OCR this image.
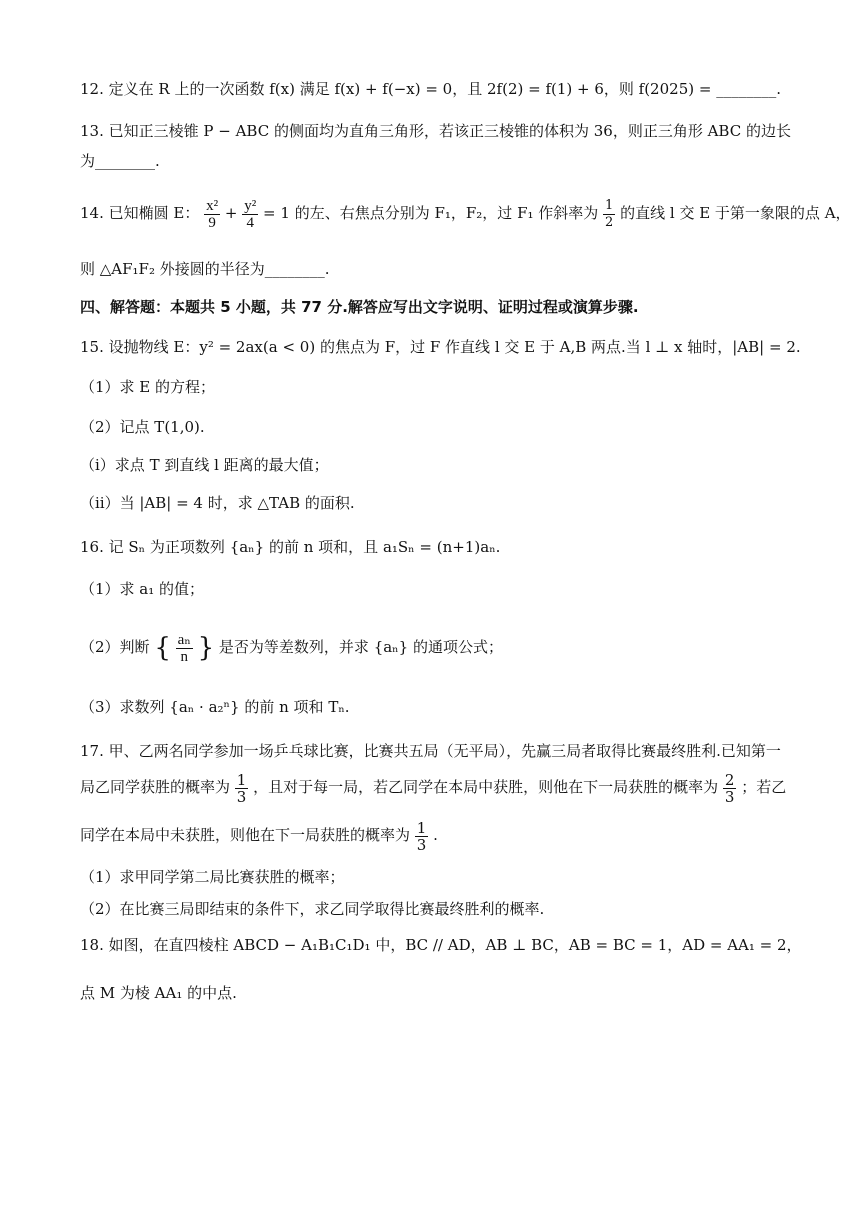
12. 定义在 R 上的一次函数 f(x) 满足 f(x) + f(−x) = 0，且 2f(2) = f(1) + 6，则 f(2025) = ________.
13. 已知正三棱锥 P − ABC 的侧面均为直角三角形，若该正三棱锥的体积为 36，则正三角形 ABC 的边长
为________.
14. 已知椭圆 E： $\frac{\text{x²}}{9} + \frac{\text{y²}}{4} = 1$ 的左、右焦点分别为 F₁，F₂，过 F₁ 作斜率为 $\frac{1}{2}$ 的直线 l 交 E 于第一象限的点 A，
则 △AF₁F₂ 外接圆的半径为________.
四、解答题：本题共 5 小题，共 77 分.解答应写出文字说明、证明过程或演算步骤.
15. 设抛物线 E：y² = 2ax(a < 0) 的焦点为 F，过 F 作直线 l 交 E 于 A,B 两点.当 l ⊥ x 轴时，|AB| = 2.
（1）求 E 的方程；
（2）记点 T(1,0).
（ⅰ）求点 T 到直线 l 距离的最大值；
（ⅱ）当 |AB| = 4 时，求 △TAB 的面积.
16. 记 Sₙ 为正项数列 {aₙ} 的前 n 项和，且 a₁Sₙ = (n+1)aₙ.
（1）求 a₁ 的值；
（2）判断 { $\frac{\text{aₙ}}{n}$ } 是否为等差数列，并求 {aₙ} 的通项公式；
（3）求数列 {aₙ · a₂ⁿ} 的前 n 项和 Tₙ.
17. 甲、乙两名同学参加一场乒乓球比赛，比赛共五局（无平局），先赢三局者取得比赛最终胜利.已知第一
局乙同学获胜的概率为 $\frac{1}{3}$ ，且对于每一局，若乙同学在本局中获胜，则他在下一局获胜的概率为 $\frac{2}{3}$ ；若乙
同学在本局中未获胜，则他在下一局获胜的概率为 $\frac{1}{3}$ .
（1）求甲同学第二局比赛获胜的概率；
（2）在比赛三局即结束的条件下，求乙同学取得比赛最终胜利的概率.
18. 如图，在直四棱柱 ABCD − A₁B₁C₁D₁ 中，BC // AD，AB ⊥ BC，AB = BC = 1，AD = AA₁ = 2，
点 M 为棱 AA₁ 的中点.
